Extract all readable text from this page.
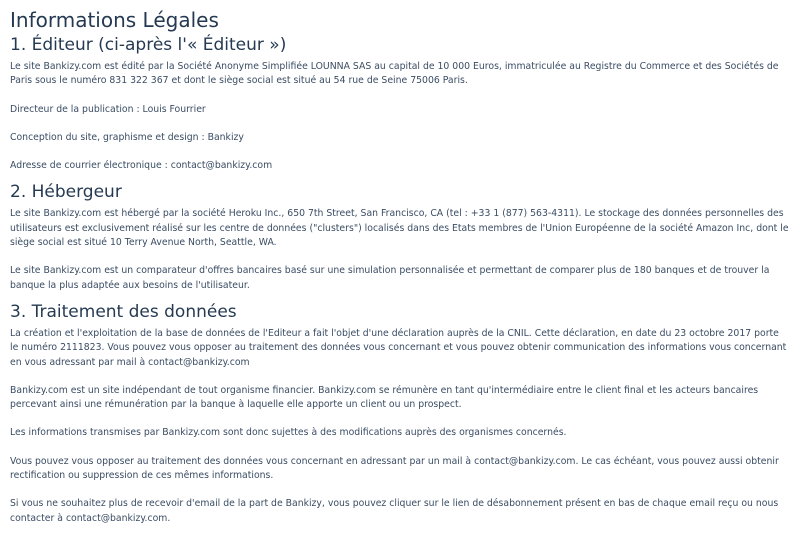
Informations Légales
1. Éditeur (ci-après l'« Éditeur »)

Le site Bankizy.com est édité par la Société Anonyme Simplifiée LOUNNA SAS au capital de 10 000 Euros, immatriculée au Registre du Commerce et des Sociétés de Paris sous le numéro 831 322 367 et dont le siège social est situé au 54 rue de Seine 75006 Paris.

Directeur de la publication : Louis Fourrier

Conception du site, graphisme et design : Bankizy

Adresse de courrier électronique : contact@bankizy.com

2. Hébergeur

Le site Bankizy.com est hébergé par la société Heroku Inc., 650 7th Street, San Francisco, CA (tel : +33 1 (877) 563-4311). Le stockage des données personnelles des utilisateurs est exclusivement réalisé sur les centre de données ("clusters") localisés dans des Etats membres de l'Union Européenne de la société Amazon Inc, dont le siège social est situé 10 Terry Avenue North, Seattle, WA.

Le site Bankizy.com est un comparateur d'offres bancaires basé sur une simulation personnalisée et permettant de comparer plus de 180 banques et de trouver la banque la plus adaptée aux besoins de l'utilisateur.

3. Traitement des données

La création et l'exploitation de la base de données de l'Editeur a fait l'objet d'une déclaration auprès de la CNIL. Cette déclaration, en date du 23 octobre 2017 porte le numéro 2111823. Vous pouvez vous opposer au traitement des données vous concernant et vous pouvez obtenir communication des informations vous concernant en vous adressant par mail à contact@bankizy.com

Bankizy.com est un site indépendant de tout organisme financier. Bankizy.com se rémunère en tant qu'intermédiaire entre le client final et les acteurs bancaires percevant ainsi une rémunération par la banque à laquelle elle apporte un client ou un prospect.

Les informations transmises par Bankizy.com sont donc sujettes à des modifications auprès des organismes concernés.

Vous pouvez vous opposer au traitement des données vous concernant en adressant par un mail à contact@bankizy.com. Le cas échéant, vous pouvez aussi obtenir rectification ou suppression de ces mêmes informations.

Si vous ne souhaitez plus de recevoir d'email de la part de Bankizy, vous pouvez cliquer sur le lien de désabonnement présent en bas de chaque email reçu ou nous contacter à contact@bankizy.com.
